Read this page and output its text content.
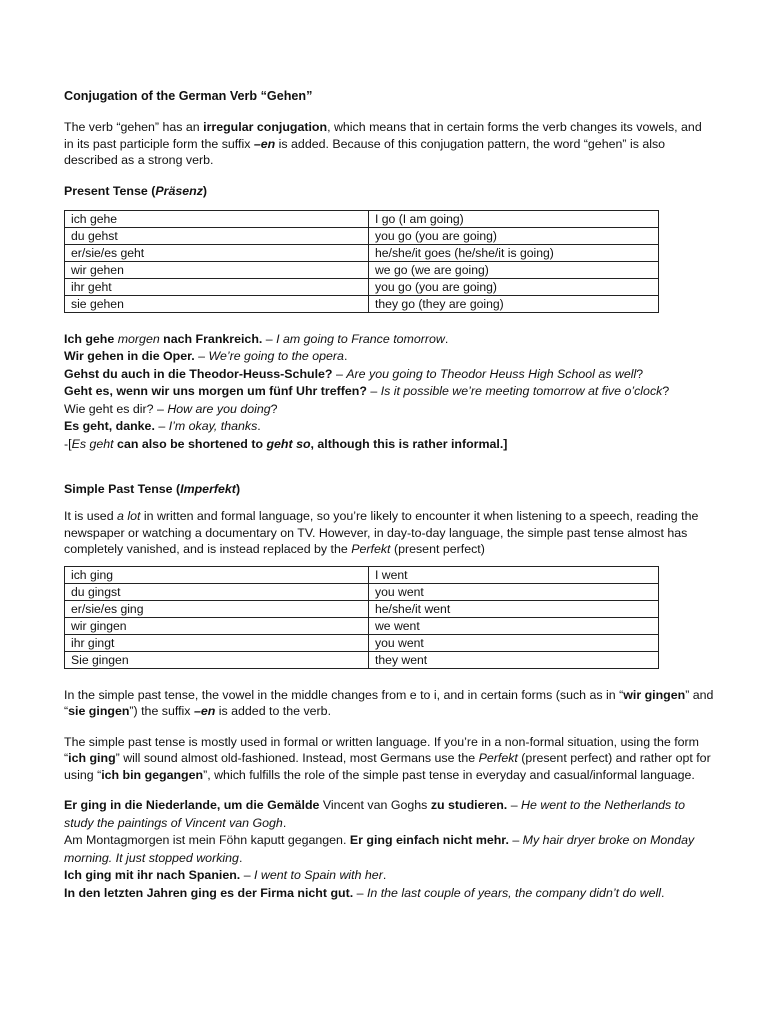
Conjugation of the German Verb “Gehen”

The verb “gehen” has an irregular conjugation, which means that in certain forms the verb changes its vowels, and in its past participle form the suffix –en is added. Because of this conjugation pattern, the word “gehen” is also described as a strong verb.

Present Tense (Präsenz)
ich gehe	I go (I am going)
du gehst	you go (you are going)
er/sie/es geht	he/she/it goes (he/she/it is going)
wir gehen	we go (we are going)
ihr geht	you go (you are going)
sie gehen	they go (they are going)
Ich gehe morgen nach Frankreich. – I am going to France tomorrow.
Wir gehen in die Oper. – We’re going to the opera.
Gehst du auch in die Theodor-Heuss-Schule? – Are you going to Theodor Heuss High School as well?
Geht es, wenn wir uns morgen um fünf Uhr treffen? – Is it possible we’re meeting tomorrow at five o’clock?
Wie geht es dir? – How are you doing?
Es geht, danke. – I’m okay, thanks.
-[Es geht can also be shortened to geht so, although this is rather informal.]
Simple Past Tense (Imperfekt)

It is used a lot in written and formal language, so you’re likely to encounter it when listening to a speech, reading the newspaper or watching a documentary on TV. However, in day-to-day language, the simple past tense almost has completely vanished, and is instead replaced by the Perfekt (present perfect)

ich ging	I went
du gingst	you went
er/sie/es ging	he/she/it went
wir gingen	we went
ihr gingt	you went
Sie gingen	they went

In the simple past tense, the vowel in the middle changes from e to i, and in certain forms (such as in “wir gingen” and “sie gingen”) the suffix –en is added to the verb.

The simple past tense is mostly used in formal or written language. If you’re in a non-formal situation, using the form “ich ging” will sound almost old-fashioned. Instead, most Germans use the Perfekt (present perfect) and rather opt for using “ich bin gegangen”, which fulfills the role of the simple past tense in everyday and casual/informal language.

Er ging in die Niederlande, um die Gemälde Vincent van Goghs zu studieren. – He went to the Netherlands to study the paintings of Vincent van Gogh.
Am Montagmorgen ist mein Föhn kaputt gegangen. Er ging einfach nicht mehr. – My hair dryer broke on Monday morning. It just stopped working.
Ich ging mit ihr nach Spanien. – I went to Spain with her.
In den letzten Jahren ging es der Firma nicht gut. – In the last couple of years, the company didn’t do well.
